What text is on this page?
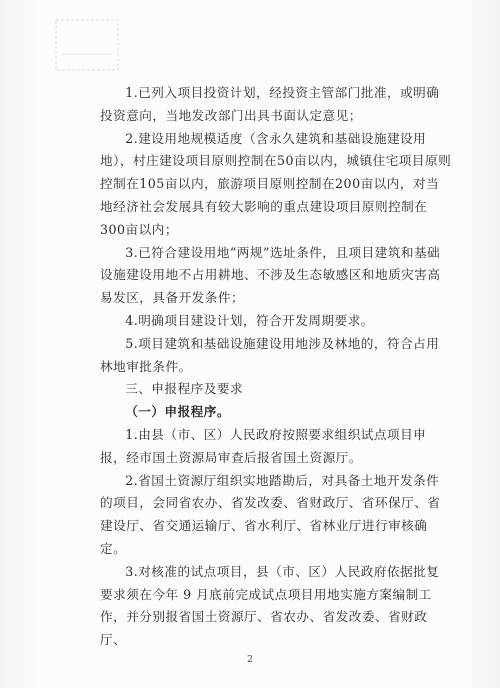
1.已列入项目投资计划，经投资主管部门批准，或明确投资意向，当地发改部门出具书面认定意见；

2.建设用地规模适度（含永久建筑和基础设施建设用地），村庄建设项目原则控制在50亩以内，城镇住宅项目原则控制在105亩以内，旅游项目原则控制在200亩以内，对当地经济社会发展具有较大影响的重点建设项目原则控制在300亩以内；

3.已符合建设用地“两规”选址条件，且项目建筑和基础设施建设用地不占用耕地、不涉及生态敏感区和地质灾害高易发区，具备开发条件；

4.明确项目建设计划，符合开发周期要求。

5.项目建筑和基础设施建设用地涉及林地的，符合占用林地审批条件。

三、申报程序及要求

（一）申报程序。

1.由县（市、区）人民政府按照要求组织试点项目申报，经市国土资源局审查后报省国土资源厅。

2.省国土资源厅组织实地踏勘后，对具备土地开发条件的项目，会同省农办、省发改委、省财政厅、省环保厅、省建设厅、省交通运输厅、省水利厅、省林业厅进行审核确定。

3.对核准的试点项目，县（市、区）人民政府依据批复要求须在今年 9 月底前完成试点项目用地实施方案编制工作，并分别报省国土资源厅、省农办、省发改委、省财政厅、

2
